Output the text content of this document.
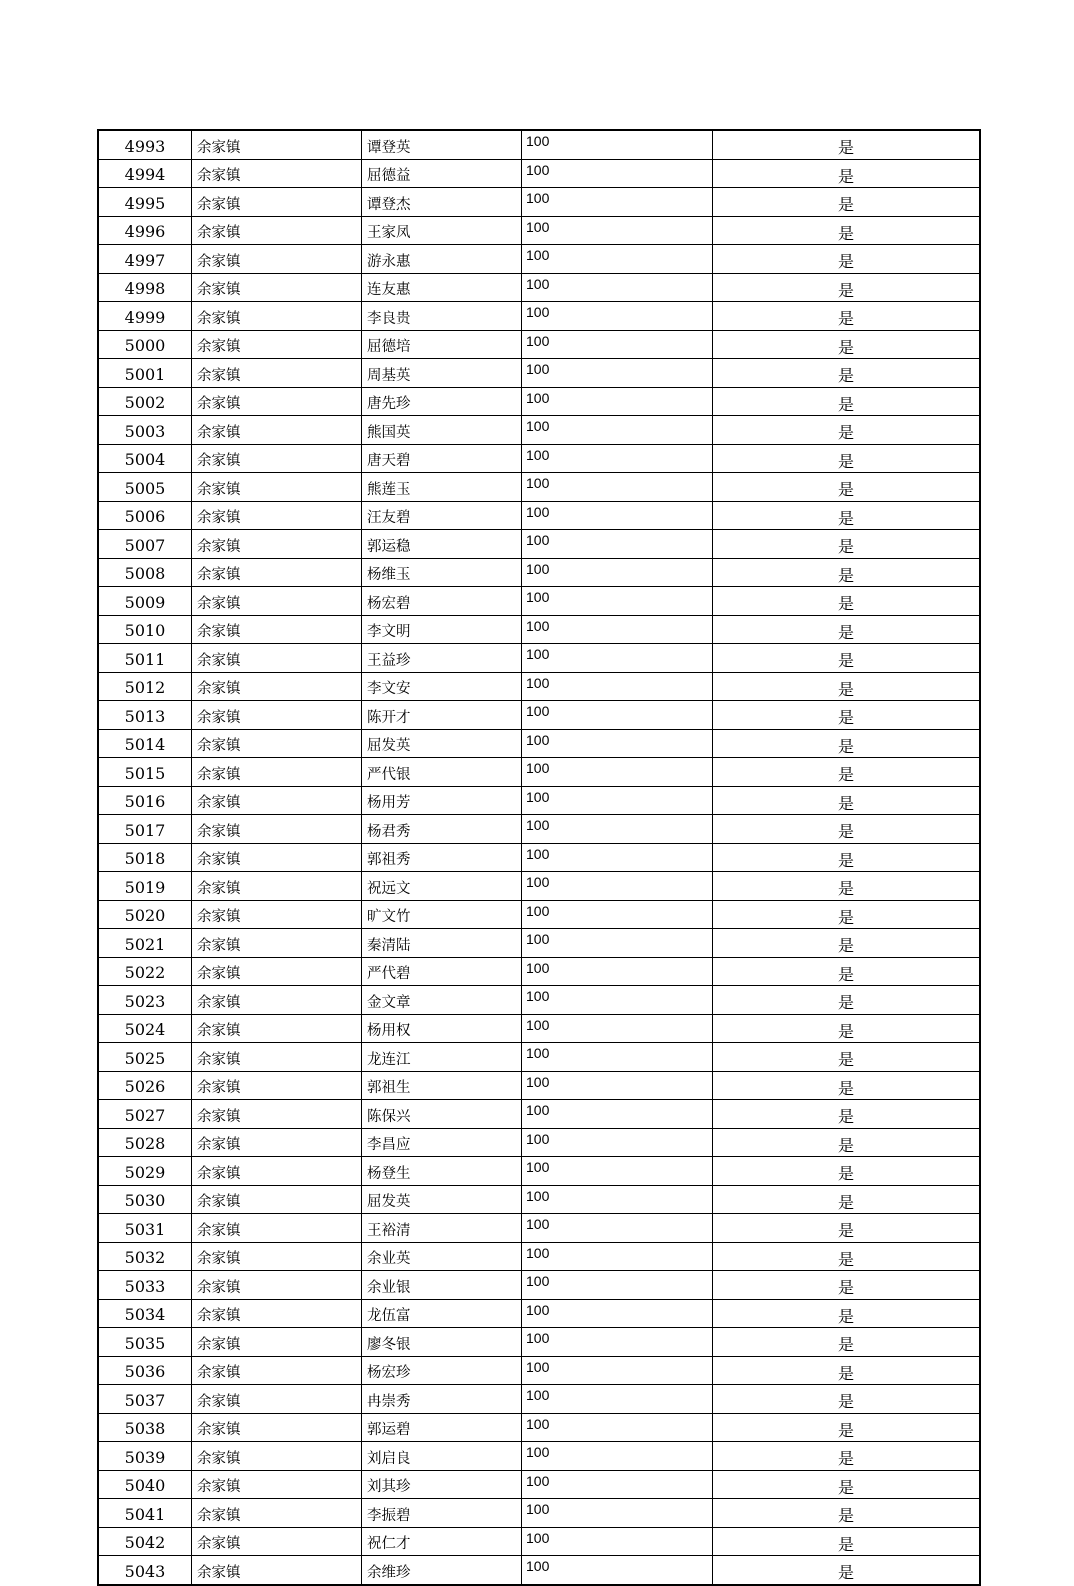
4993	余家镇	谭登英	100	是
4994	余家镇	屈德益	100	是
4995	余家镇	谭登杰	100	是
4996	余家镇	王家凤	100	是
4997	余家镇	游永惠	100	是
4998	余家镇	连友惠	100	是
4999	余家镇	李良贵	100	是
5000	余家镇	屈德培	100	是
5001	余家镇	周基英	100	是
5002	余家镇	唐先珍	100	是
5003	余家镇	熊国英	100	是
5004	余家镇	唐天碧	100	是
5005	余家镇	熊莲玉	100	是
5006	余家镇	汪友碧	100	是
5007	余家镇	郭运稳	100	是
5008	余家镇	杨维玉	100	是
5009	余家镇	杨宏碧	100	是
5010	余家镇	李文明	100	是
5011	余家镇	王益珍	100	是
5012	余家镇	李文安	100	是
5013	余家镇	陈开才	100	是
5014	余家镇	屈发英	100	是
5015	余家镇	严代银	100	是
5016	余家镇	杨用芳	100	是
5017	余家镇	杨君秀	100	是
5018	余家镇	郭祖秀	100	是
5019	余家镇	祝远文	100	是
5020	余家镇	旷文竹	100	是
5021	余家镇	秦清陆	100	是
5022	余家镇	严代碧	100	是
5023	余家镇	金文章	100	是
5024	余家镇	杨用权	100	是
5025	余家镇	龙连江	100	是
5026	余家镇	郭祖生	100	是
5027	余家镇	陈保兴	100	是
5028	余家镇	李昌应	100	是
5029	余家镇	杨登生	100	是
5030	余家镇	屈发英	100	是
5031	余家镇	王裕清	100	是
5032	余家镇	余业英	100	是
5033	余家镇	余业银	100	是
5034	余家镇	龙伍富	100	是
5035	余家镇	廖冬银	100	是
5036	余家镇	杨宏珍	100	是
5037	余家镇	冉崇秀	100	是
5038	余家镇	郭运碧	100	是
5039	余家镇	刘启良	100	是
5040	余家镇	刘其珍	100	是
5041	余家镇	李振碧	100	是
5042	余家镇	祝仁才	100	是
5043	余家镇	余维珍	100	是
